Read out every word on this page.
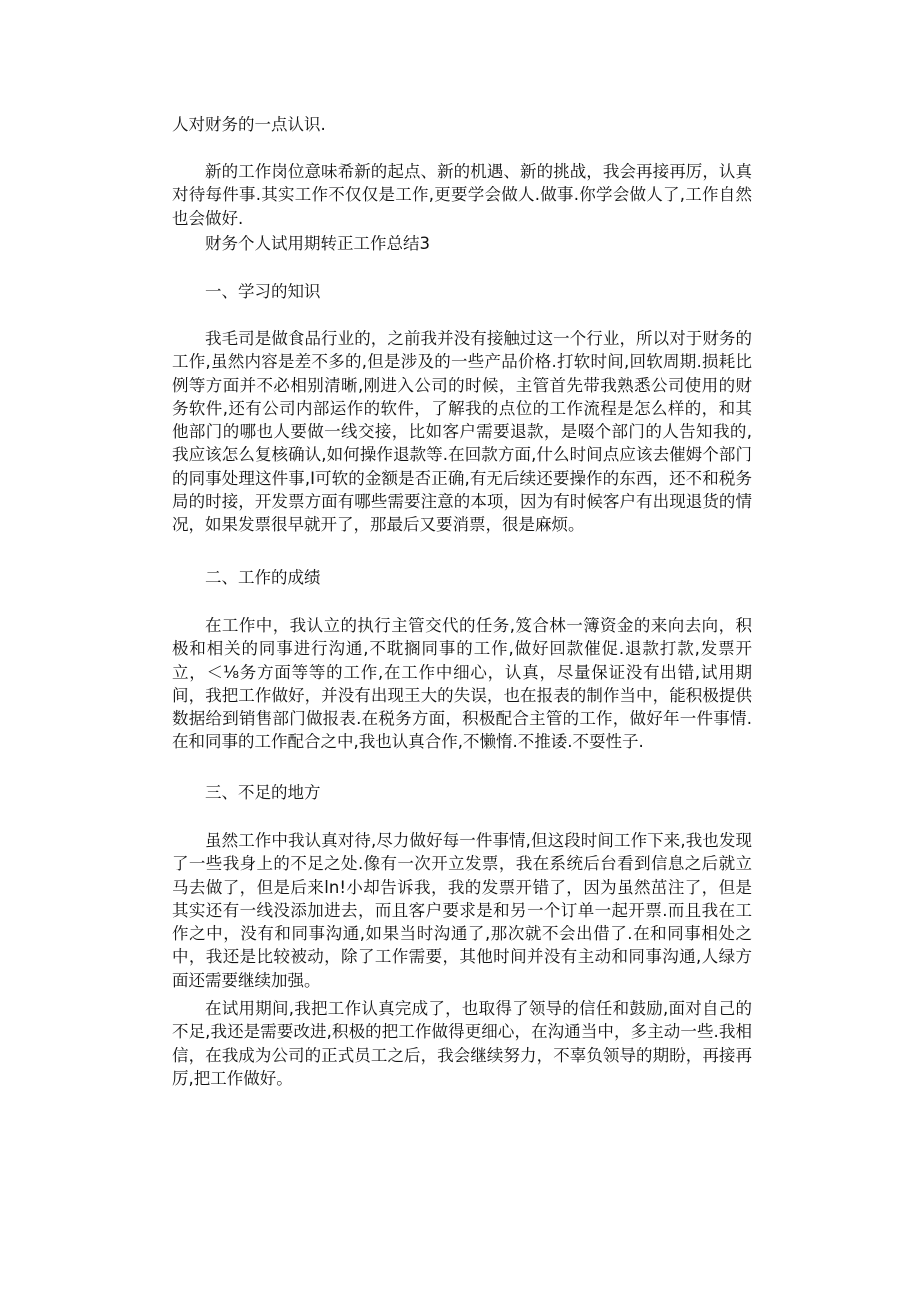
人对财务的一点认识.

新的工作岗位意味希新的起点、新的机遇、新的挑战，我会再接再厉，认真对待每件事.其实工作不仅仅是工作,更要学会做人.做事.你学会做人了,工作自然也会做好.

财务个人试用期转正工作总结3

一、学习的知识

我毛司是做食品行业的，之前我并没有接触过这一个行业，所以对于财务的工作,虽然内容是差不多的,但是涉及的一些产品价格.打软时间,回软周期.损耗比例等方面并不必相别清晰,刚进入公司的时候，主管首先带我熟悉公司使用的财务软件,还有公司内部运作的软件，了解我的点位的工作流程是怎么样的，和其他部门的哪也人要做一线交接，比如客户需要退款，是啜个部门的人告知我的,我应该怎么复核确认,如何操作退款等.在回款方面,什么时间点应该去催姆个部门的同事处理这件事,I可软的金额是否正确,有无后续还要操作的东西，还不和税务局的时接，开发票方面有哪些需要注意的本项，因为有时候客户有出现退货的情况，如果发票很早就开了，那最后又要消票，很是麻烦。

二、工作的成绩

在工作中，我认立的执行主管交代的任务,笈合林一簿资金的来向去向，积极和相关的同事进行沟通,不耽搁同事的工作,做好回款催促.退款打款,发票开立，＜⅛务方面等等的工作,在工作中细心，认真，尽量保证没有出错,试用期间，我把工作做好，并没有出现王大的失误，也在报表的制作当中，能积极提供数据给到销售部门做报表.在税务方面，积极配合主管的工作，做好年一件事情.在和同事的工作配合之中,我也认真合作,不懒惰.不推诿.不耍性子.

三、不足的地方

虽然工作中我认真对待,尽力做好每一件事情,但这段时间工作下来,我也发现了一些我身上的不足之处.像有一次开立发票，我在系统后台看到信息之后就立马去做了，但是后来ln!小却告诉我，我的发票开错了，因为虽然茁注了，但是其实还有一线没添加进去，而且客户要求是和另一个订单一起开票.而且我在工作之中，没有和同事沟通,如果当时沟通了,那次就不会出借了.在和同事相处之中，我还是比较被动，除了工作需要，其他时间并没有主动和同事沟通,人绿方面还需要继续加强。

在试用期间,我把工作认真完成了，也取得了领导的信任和鼓励,面对自己的不足,我还是需要改进,积极的把工作做得更细心，在沟通当中，多主动一些.我相信，在我成为公司的正式员工之后，我会继续努力，不辜负领导的期盼，再接再厉,把工作做好。
